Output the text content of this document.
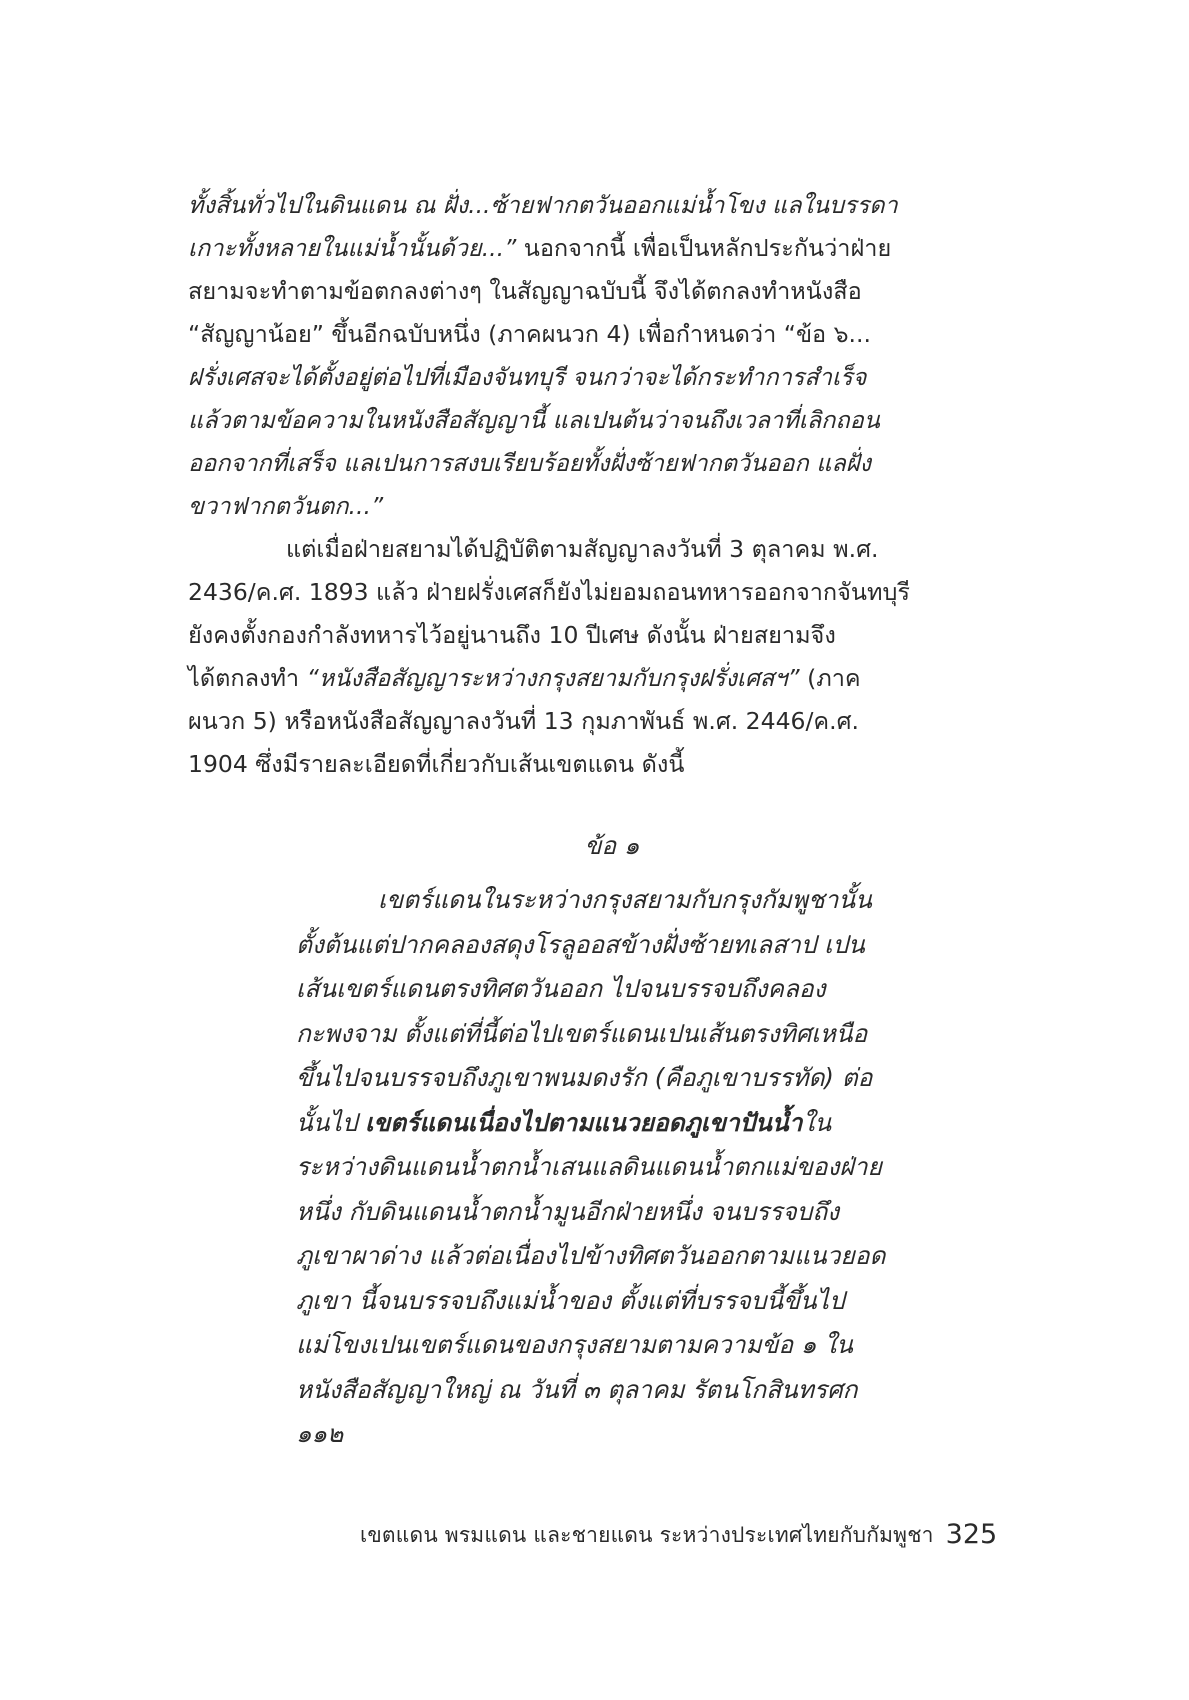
ทั้งสิ้นทั่วไปในดินแดน ณ ฝั่ง...ซ้ายฟากตวันออกแม่น้ำโขง แลในบรรดา
เกาะทั้งหลายในแม่น้ำนั้นด้วย...” นอกจากนี้ เพื่อเป็นหลักประกันว่าฝ่าย
สยามจะทำตามข้อตกลงต่างๆ ในสัญญาฉบับนี้ จึงได้ตกลงทำหนังสือ
“สัญญาน้อย” ขึ้นอีกฉบับหนึ่ง (ภาคผนวก 4) เพื่อกำหนดว่า “ข้อ ๖...
ฝรั่งเศสจะได้ตั้งอยู่ต่อไปที่เมืองจันทบุรี จนกว่าจะได้กระทำการสำเร็จ
แล้วตามข้อความในหนังสือสัญญานี้ แลเปนต้นว่าจนถึงเวลาที่เลิกถอน
ออกจากที่เสร็จ แลเปนการสงบเรียบร้อยทั้งฝั่งซ้ายฟากตวันออก แลฝั่ง
ขวาฟากตวันตก...”
แต่เมื่อฝ่ายสยามได้ปฏิบัติตามสัญญาลงวันที่ 3 ตุลาคม พ.ศ.
2436/ค.ศ. 1893 แล้ว ฝ่ายฝรั่งเศสก็ยังไม่ยอมถอนทหารออกจากจันทบุรี
ยังคงตั้งกองกำลังทหารไว้อยู่นานถึง 10 ปีเศษ ดังนั้น ฝ่ายสยามจึง
ได้ตกลงทำ “หนังสือสัญญาระหว่างกรุงสยามกับกรุงฝรั่งเศสฯ” (ภาค
ผนวก 5) หรือหนังสือสัญญาลงวันที่ 13 กุมภาพันธ์ พ.ศ. 2446/ค.ศ.
1904 ซึ่งมีรายละเอียดที่เกี่ยวกับเส้นเขตแดน ดังนี้
ข้อ ๑
เขตร์แดนในระหว่างกรุงสยามกับกรุงกัมพูชานั้น
ตั้งต้นแต่ปากคลองสดุงโรลูออสข้างฝั่งซ้ายทเลสาป เปน
เส้นเขตร์แดนตรงทิศตวันออก ไปจนบรรจบถึงคลอง
กะพงจาม ตั้งแต่ที่นี้ต่อไปเขตร์แดนเปนเส้นตรงทิศเหนือ
ขึ้นไปจนบรรจบถึงภูเขาพนมดงรัก (คือภูเขาบรรทัด) ต่อ
นั้นไป เขตร์แดนเนื่องไปตามแนวยอดภูเขาปันน้ำใน
ระหว่างดินแดนน้ำตกน้ำเสนแลดินแดนน้ำตกแม่ของฝ่าย
หนึ่ง กับดินแดนน้ำตกน้ำมูนอีกฝ่ายหนึ่ง จนบรรจบถึง
ภูเขาผาด่าง แล้วต่อเนื่องไปข้างทิศตวันออกตามแนวยอด
ภูเขา นี้จนบรรจบถึงแม่น้ำของ ตั้งแต่ที่บรรจบนี้ขึ้นไป
แม่โขงเปนเขตร์แดนของกรุงสยามตามความข้อ ๑ ใน
หนังสือสัญญาใหญ่ ณ วันที่ ๓ ตุลาคม รัตนโกสินทรศก
๑๑๒
เขตแดน พรมแดน และชายแดน ระหว่างประเทศไทยกับกัมพูชา 325
